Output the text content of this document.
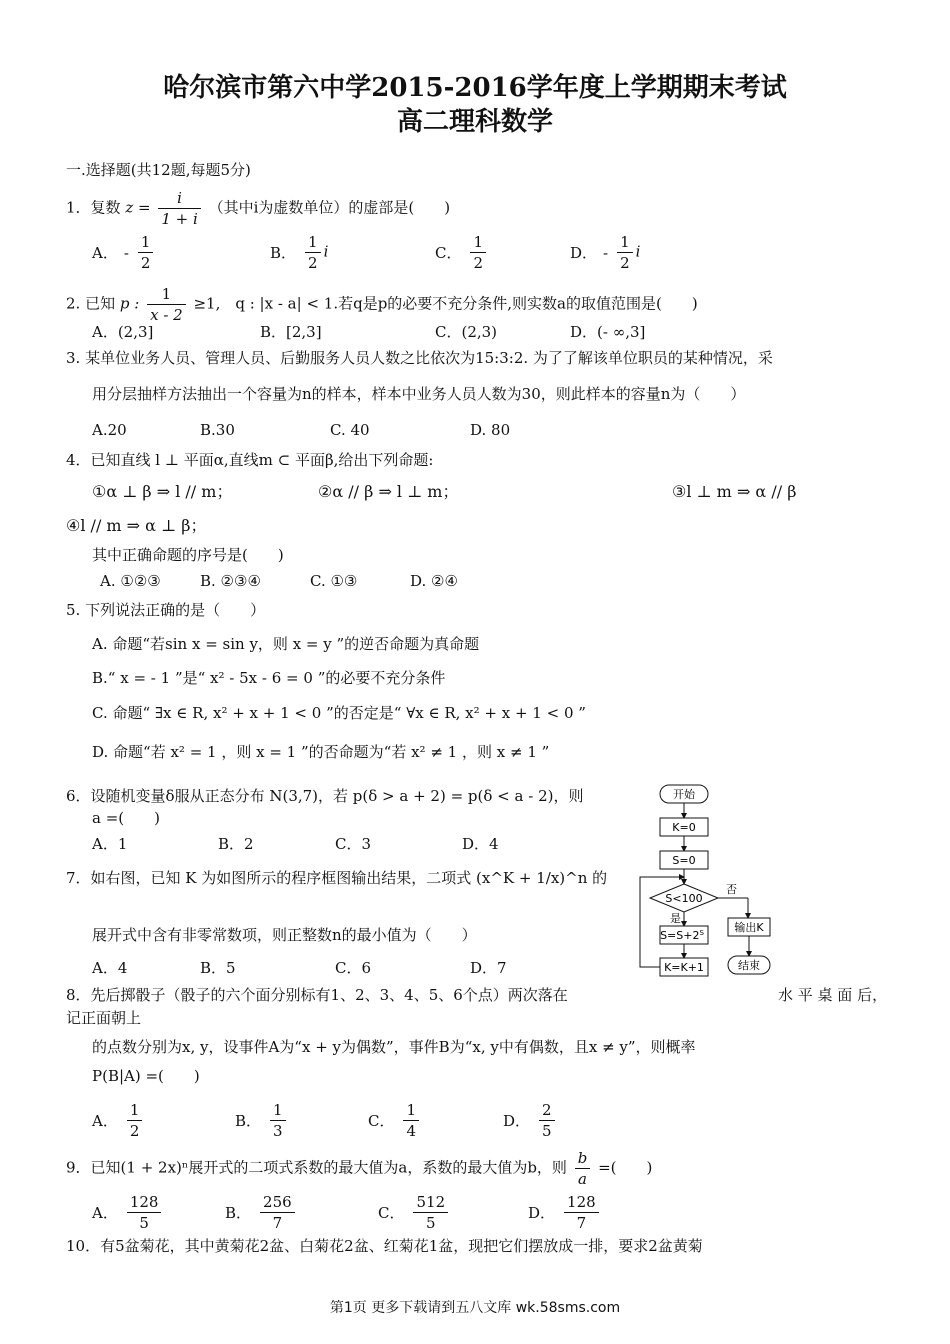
哈尔滨市第六中学2015-2016学年度上学期期末考试
高二理科数学
一.选择题(共12题,每题5分)
1．复数 $z = \frac{i}{1 + i}$ （其中i为虚数单位）的虚部是(　　)
A． - $\frac{1}{2}$	B． $\frac{1}{2}$ i	C． $\frac{1}{2}$	D． - $\frac{1}{2}$ i
2. 已知 p : $\frac{1}{x - 2} \ge 1$,　q : |x - a| < 1.若q是p的必要不充分条件,则实数a的取值范围是(　　)
A．(2,3]	B．[2,3]	C．(2,3)	D．(- ∞,3]
3. 某单位业务人员、管理人员、后勤服务人员人数之比依次为15:3:2. 为了了解该单位职员的某种情况，采
用分层抽样方法抽出一个容量为n的样本，样本中业务人员人数为30，则此样本的容量n为（　　）
A.20	B.30	C. 40	D. 80
4．已知直线 l ⊥ 平面α,直线m ⊂ 平面β,给出下列命题:
①α ⊥ β ⇒ l // m；	②α // β ⇒ l ⊥ m；	③l ⊥ m ⇒ α // β
④l // m ⇒ α ⊥ β；
其中正确命题的序号是(　　)
A. ①②③	B. ②③④	C. ①③	D. ②④
5. 下列说法正确的是（　　）
A. 命题“若sin x = sin y，则 x = y ”的逆否命题为真命题
B.“ x = - 1 ”是“ x² - 5x - 6 = 0 ”的必要不充分条件
C. 命题“ ∃x ∈ R, x² + x + 1 < 0 ”的否定是“ ∀x ∈ R, x² + x + 1 < 0 ”
D. 命题“若 x² = 1 ，则 x = 1 ”的否命题为“若 x² ≠ 1 ，则 x ≠ 1 ”
6．设随机变量δ服从正态分布 N(3,7)，若 p(δ > a + 2) = p(δ < a - 2)，则
a =(　　)
A．1	B．2	C．3	D．4
7．如右图，已知 K 为如图所示的程序框图输出结果，二项式 (x^K + 1/x)^n 的
展开式中含有非零常数项，则正整数n的最小值为（　　）
A．4	B．5	C．6	D．7
开始
K=0
S=0
S<100
否
输出K
结束
是
$S=S+2^S$
K=K+1
8．先后掷骰子（骰子的六个面分别标有1、2、3、4、5、6个点）两次落在	水 平 桌 面 后，
记正面朝上
的点数分别为x, y，设事件A为“x + y为偶数”，事件B为“x, y中有偶数，且x ≠ y”，则概率
P(B|A) =(　　)
A． $\frac{1}{2}$	B． $\frac{1}{3}$	C． $\frac{1}{4}$	D． $\frac{2}{5}$
9．已知(1 + 2x)ⁿ展开式的二项式系数的最大值为a，系数的最大值为b，则 $\frac{b}{a}$ =(　　)
A． $\frac{128}{5}$	B． $\frac{256}{7}$	C． $\frac{512}{5}$	D． $\frac{128}{7}$
10．有5盆菊花，其中黄菊花2盆、白菊花2盆、红菊花1盆，现把它们摆放成一排，要求2盆黄菊
第1页 更多下载请到五八文库 wk.58sms.com
